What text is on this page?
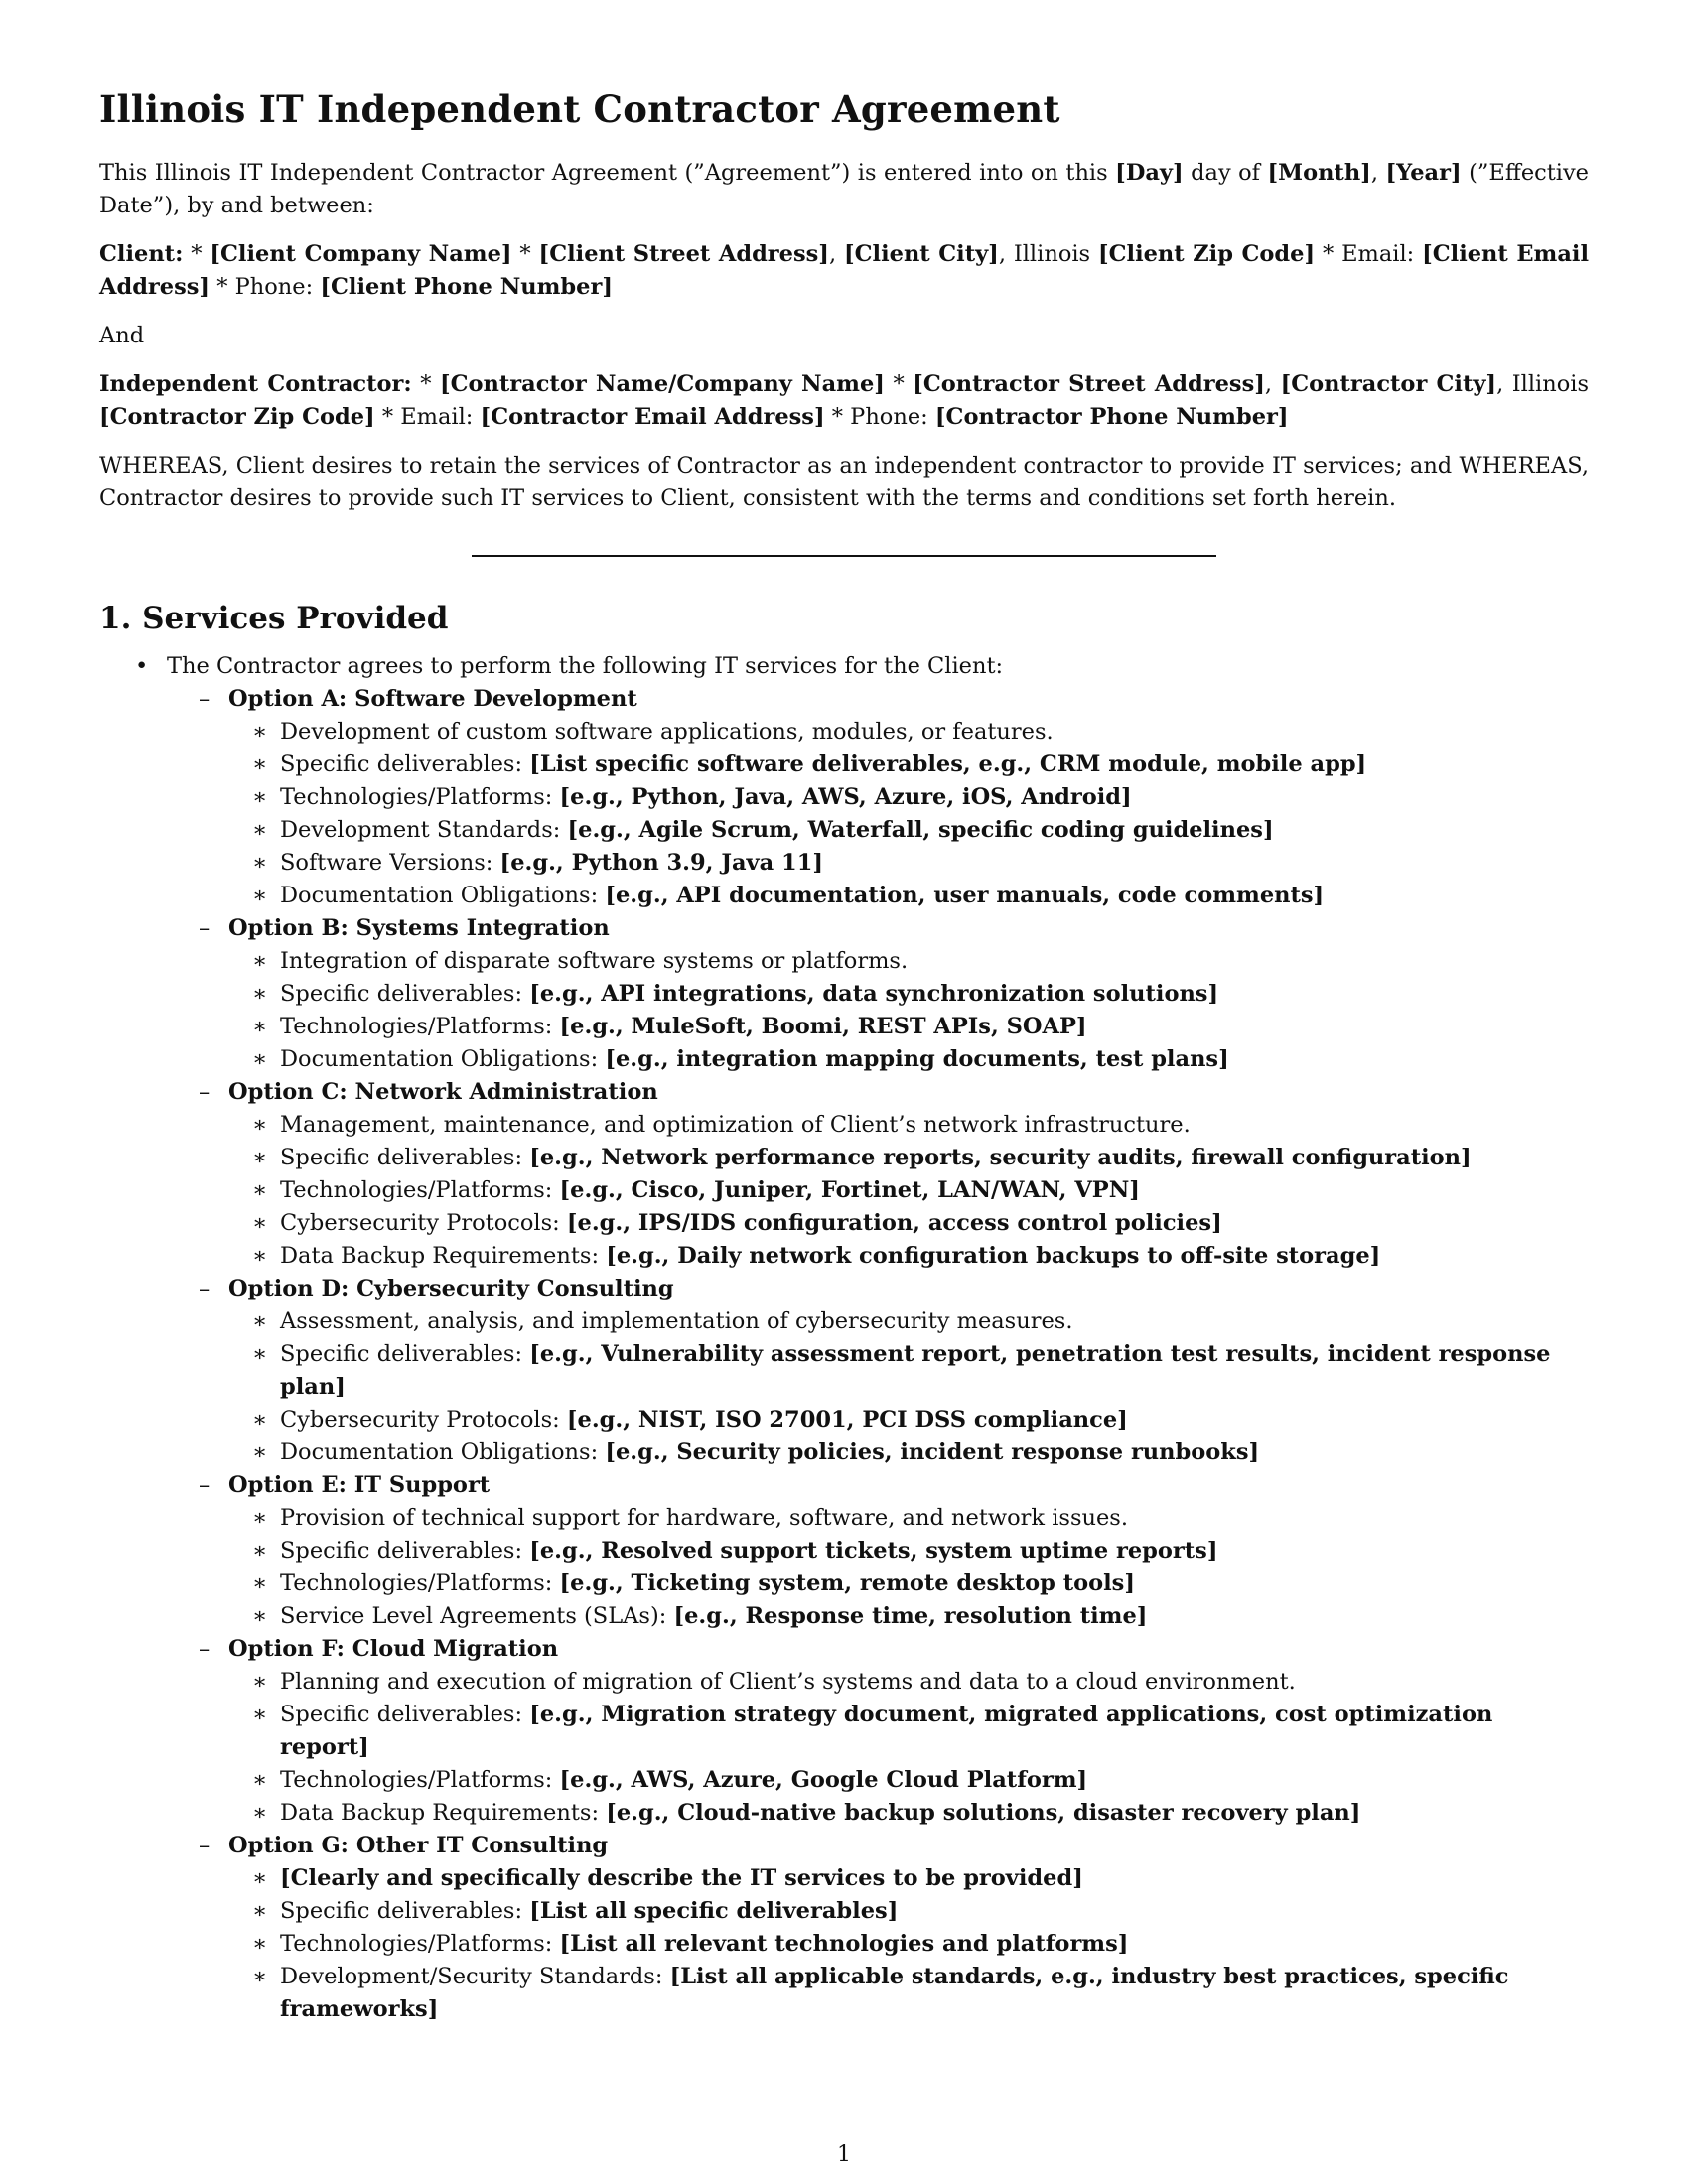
Illinois IT Independent Contractor Agreement

This Illinois IT Independent Contractor Agreement (”Agreement”) is entered into on this [Day] day of [Month], [Year] (”Effective Date”), by and between:

Client: * [Client Company Name] * [Client Street Address], [Client City], Illinois [Client Zip Code] * Email: [Client Email Address] * Phone: [Client Phone Number]

And

Independent Contractor: * [Contractor Name/Company Name] * [Contractor Street Address], [Contractor City], Illinois [Contractor Zip Code] * Email: [Contractor Email Address] * Phone: [Contractor Phone Number]

WHEREAS, Client desires to retain the services of Contractor as an independent contractor to provide IT services; and WHEREAS, Contractor desires to provide such IT services to Client, consistent with the terms and conditions set forth herein.

1. Services Provided
• The Contractor agrees to perform the following IT services for the Client:
– Option A: Software Development
∗ Development of custom software applications, modules, or features.
∗ Specific deliverables: [List specific software deliverables, e.g., CRM module, mobile app]
∗ Technologies/Platforms: [e.g., Python, Java, AWS, Azure, iOS, Android]
∗ Development Standards: [e.g., Agile Scrum, Waterfall, specific coding guidelines]
∗ Software Versions: [e.g., Python 3.9, Java 11]
∗ Documentation Obligations: [e.g., API documentation, user manuals, code comments]
– Option B: Systems Integration
∗ Integration of disparate software systems or platforms.
∗ Specific deliverables: [e.g., API integrations, data synchronization solutions]
∗ Technologies/Platforms: [e.g., MuleSoft, Boomi, REST APIs, SOAP]
∗ Documentation Obligations: [e.g., integration mapping documents, test plans]
– Option C: Network Administration
∗ Management, maintenance, and optimization of Client’s network infrastructure.
∗ Specific deliverables: [e.g., Network performance reports, security audits, firewall configuration]
∗ Technologies/Platforms: [e.g., Cisco, Juniper, Fortinet, LAN/WAN, VPN]
∗ Cybersecurity Protocols: [e.g., IPS/IDS configuration, access control policies]
∗ Data Backup Requirements: [e.g., Daily network configuration backups to off-site storage]
– Option D: Cybersecurity Consulting
∗ Assessment, analysis, and implementation of cybersecurity measures.
∗ Specific deliverables: [e.g., Vulnerability assessment report, penetration test results, incident response plan]
∗ Cybersecurity Protocols: [e.g., NIST, ISO 27001, PCI DSS compliance]
∗ Documentation Obligations: [e.g., Security policies, incident response runbooks]
– Option E: IT Support
∗ Provision of technical support for hardware, software, and network issues.
∗ Specific deliverables: [e.g., Resolved support tickets, system uptime reports]
∗ Technologies/Platforms: [e.g., Ticketing system, remote desktop tools]
∗ Service Level Agreements (SLAs): [e.g., Response time, resolution time]
– Option F: Cloud Migration
∗ Planning and execution of migration of Client’s systems and data to a cloud environment.
∗ Specific deliverables: [e.g., Migration strategy document, migrated applications, cost optimization report]
∗ Technologies/Platforms: [e.g., AWS, Azure, Google Cloud Platform]
∗ Data Backup Requirements: [e.g., Cloud-native backup solutions, disaster recovery plan]
– Option G: Other IT Consulting
∗ [Clearly and specifically describe the IT services to be provided]
∗ Specific deliverables: [List all specific deliverables]
∗ Technologies/Platforms: [List all relevant technologies and platforms]
∗ Development/Security Standards: [List all applicable standards, e.g., industry best practices, specific frameworks]
1
